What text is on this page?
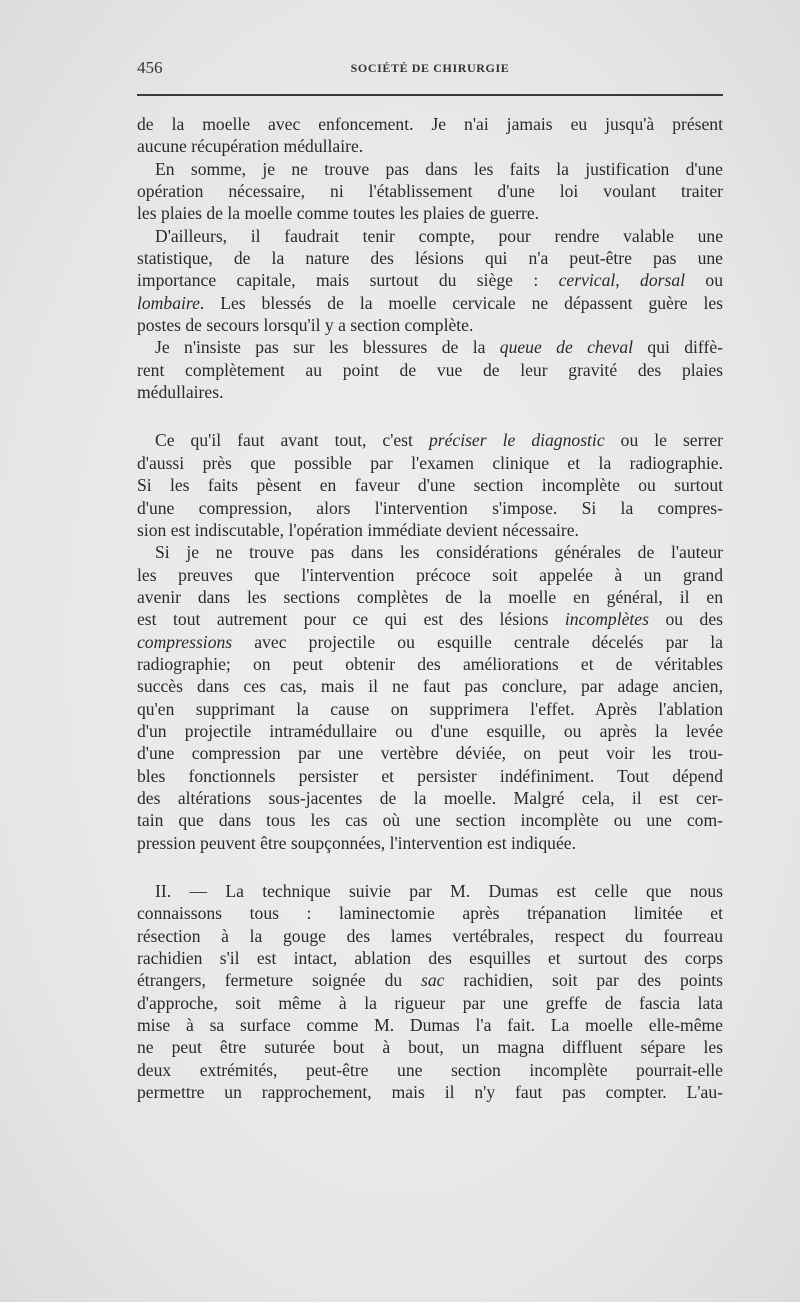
456	SOCIÉTÉ DE CHIRURGIE
de la moelle avec enfoncement. Je n'ai jamais eu jusqu'à présent
aucune récupération médullaire.
En somme, je ne trouve pas dans les faits la justification d'une
opération nécessaire, ni l'établissement d'une loi voulant traiter
les plaies de la moelle comme toutes les plaies de guerre.
D'ailleurs, il faudrait tenir compte, pour rendre valable une
statistique, de la nature des lésions qui n'a peut-être pas une
importance capitale, mais surtout du siège : cervical, dorsal ou
lombaire. Les blessés de la moelle cervicale ne dépassent guère les
postes de secours lorsqu'il y a section complète.
Je n'insiste pas sur les blessures de la queue de cheval qui diffè-
rent complètement au point de vue de leur gravité des plaies
médullaires.
Ce qu'il faut avant tout, c'est préciser le diagnostic ou le serrer
d'aussi près que possible par l'examen clinique et la radiographie.
Si les faits pèsent en faveur d'une section incomplète ou surtout
d'une compression, alors l'intervention s'impose. Si la compres-
sion est indiscutable, l'opération immédiate devient nécessaire.
Si je ne trouve pas dans les considérations générales de l'auteur
les preuves que l'intervention précoce soit appelée à un grand
avenir dans les sections complètes de la moelle en général, il en
est tout autrement pour ce qui est des lésions incomplètes ou des
compressions avec projectile ou esquille centrale décelés par la
radiographie; on peut obtenir des améliorations et de véritables
succès dans ces cas, mais il ne faut pas conclure, par adage ancien,
qu'en supprimant la cause on supprimera l'effet. Après l'ablation
d'un projectile intramédullaire ou d'une esquille, ou après la levée
d'une compression par une vertèbre déviée, on peut voir les trou-
bles fonctionnels persister et persister indéfiniment. Tout dépend
des altérations sous-jacentes de la moelle. Malgré cela, il est cer-
tain que dans tous les cas où une section incomplète ou une com-
pression peuvent être soupçonnées, l'intervention est indiquée.
II. — La technique suivie par M. Dumas est celle que nous
connaissons tous : laminectomie après trépanation limitée et
résection à la gouge des lames vertébrales, respect du fourreau
rachidien s'il est intact, ablation des esquilles et surtout des corps
étrangers, fermeture soignée du sac rachidien, soit par des points
d'approche, soit même à la rigueur par une greffe de fascia lata
mise à sa surface comme M. Dumas l'a fait. La moelle elle-même
ne peut être suturée bout à bout, un magna diffluent sépare les
deux extrémités, peut-être une section incomplète pourrait-elle
permettre un rapprochement, mais il n'y faut pas compter. L'au-
